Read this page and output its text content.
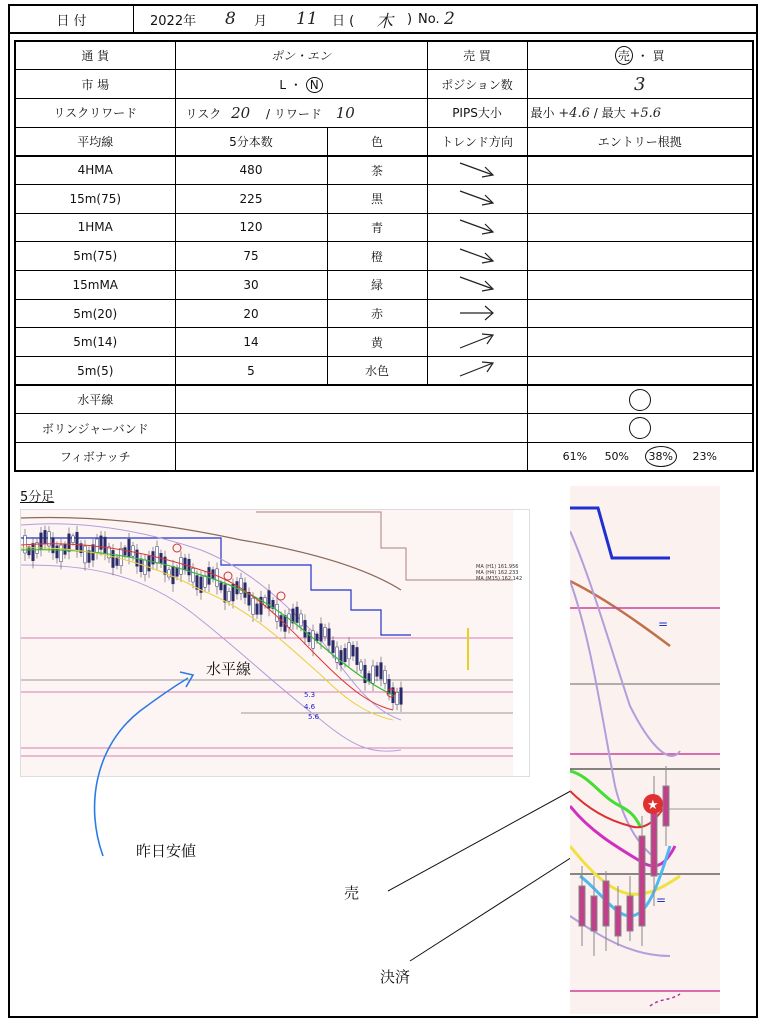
日 付	2022年 8 月 11 日 ( 木 ) No. 2
通 貨	ポン・エン		売 買	売 ・ 買
市 場	L ・ N		ポジション数	3
リスクリワード	リスク 20 / リワード 10		PIPS大小	最小 +4.6 / 最大 +5.6
平均線	5分本数	色	トレンド方向	エントリー根拠
4HMA	480	茶		
15m(75)	225	黒		
1HMA	120	青		
5m(75)	75	橙		
15mMA	30	緑		
5m(20)	20	赤		
5m(14)	14	黄		
5m(5)	5	水色		
水平線				
ボリンジャーバンド				
フィボナッチ				61% 50% 38% 23%
5分足
5.3
4.6
5.6
MA (H1) 161.956
MA (H4) 162.233
MA (M15) 162.142
水平線
昨日安値
売
決済
★
=
=
